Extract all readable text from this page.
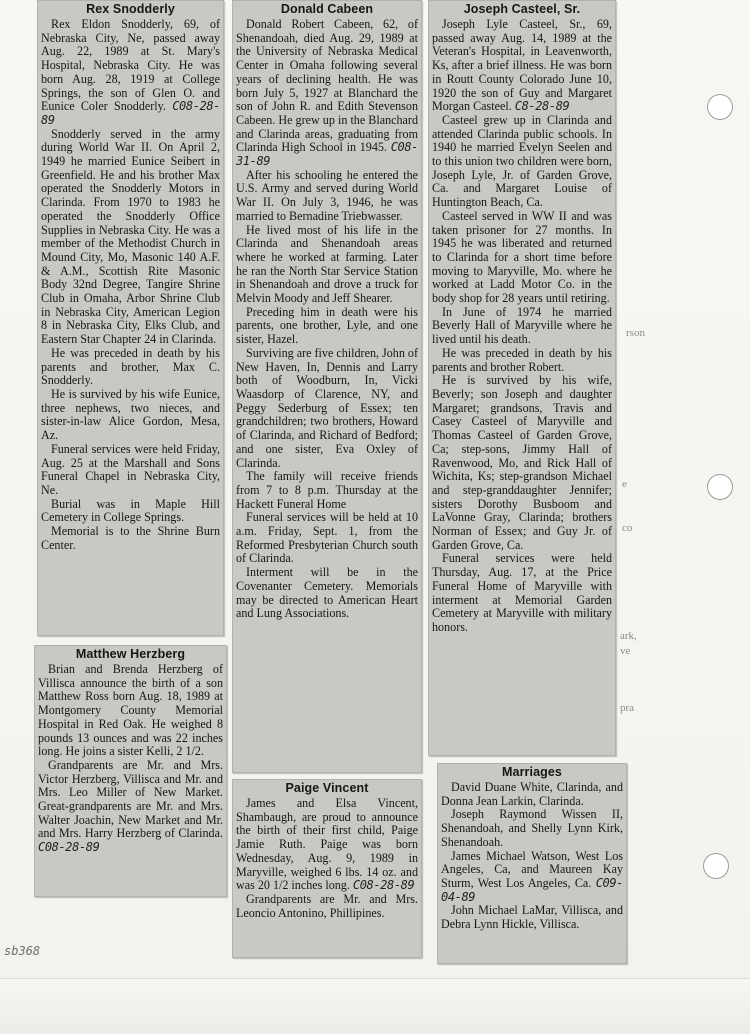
Rex Snodderly

Rex Eldon Snodderly, 69, of Nebraska City, Ne, passed away Aug. 22, 1989 at St. Mary's Hospital, Nebraska City. He was born Aug. 28, 1919 at College Springs, the son of Glen O. and Eunice Coler Snodderly. C08-28-89

Snodderly served in the army during World War II. On April 2, 1949 he married Eunice Seibert in Greenfield. He and his brother Max operated the Snodderly Motors in Clarinda. From 1970 to 1983 he operated the Snodderly Office Supplies in Nebraska City. He was a member of the Methodist Church in Mound City, Mo, Masonic 140 A.F. & A.M., Scottish Rite Masonic Body 32nd Degree, Tangire Shrine Club in Omaha, Arbor Shrine Club in Nebraska City, American Legion 8 in Nebraska City, Elks Club, and Eastern Star Chapter 24 in Clarinda.

He was preceded in death by his parents and brother, Max C. Snodderly.

He is survived by his wife Eunice, three nephews, two nieces, and sister-in-law Alice Gordon, Mesa, Az.

Funeral services were held Friday, Aug. 25 at the Marshall and Sons Funeral Chapel in Nebraska City, Ne.

Burial was in Maple Hill Cemetery in College Springs.

Memorial is to the Shrine Burn Center.

Matthew Herzberg

Brian and Brenda Herzberg of Villisca announce the birth of a son Matthew Ross born Aug. 18, 1989 at Montgomery County Memorial Hospital in Red Oak. He weighed 8 pounds 13 ounces and was 22 inches long. He joins a sister Kelli, 2 1/2.

Grandparents are Mr. and Mrs. Victor Herzberg, Villisca and Mr. and Mrs. Leo Miller of New Market. Great-grandparents are Mr. and Mrs. Walter Joachin, New Market and Mr. and Mrs. Harry Herzberg of Clarinda. C08-28-89

Donald Cabeen

Donald Robert Cabeen, 62, of Shenandoah, died Aug. 29, 1989 at the University of Nebraska Medical Center in Omaha following several years of declining health. He was born July 5, 1927 at Blanchard the son of John R. and Edith Stevenson Cabeen. He grew up in the Blanchard and Clarinda areas, graduating from Clarinda High School in 1945. C08-31-89

After his schooling he entered the U.S. Army and served during World War II. On July 3, 1946, he was married to Bernadine Triebwasser.

He lived most of his life in the Clarinda and Shenandoah areas where he worked at farming. Later he ran the North Star Service Station in Shenandoah and drove a truck for Melvin Moody and Jeff Shearer.

Preceding him in death were his parents, one brother, Lyle, and one sister, Hazel.

Surviving are five children, John of New Haven, In, Dennis and Larry both of Woodburn, In, Vicki Waasdorp of Clarence, NY, and Peggy Sederburg of Essex; ten grandchildren; two brothers, Howard of Clarinda, and Richard of Bedford; and one sister, Eva Oxley of Clarinda.

The family will receive friends from 7 to 8 p.m. Thursday at the Hackett Funeral Home

Funeral services will be held at 10 a.m. Friday, Sept. 1, from the Reformed Presbyterian Church south of Clarinda.

Interment will be in the Covenanter Cemetery. Memorials may be directed to American Heart and Lung Associations.

Paige Vincent

James and Elsa Vincent, Shambaugh, are proud to announce the birth of their first child, Paige Jamie Ruth. Paige was born Wednesday, Aug. 9, 1989 in Maryville, weighed 6 lbs. 14 oz. and was 20 1/2 inches long. C08-28-89

Grandparents are Mr. and Mrs. Leoncio Antonino, Phillipines.

Joseph Casteel, Sr.

Joseph Lyle Casteel, Sr., 69, passed away Aug. 14, 1989 at the Veteran's Hospital, in Leavenworth, Ks, after a brief illness. He was born in Routt County Colorado June 10, 1920 the son of Guy and Margaret Morgan Casteel. C8-28-89

Casteel grew up in Clarinda and attended Clarinda public schools. In 1940 he married Evelyn Seelen and to this union two children were born, Joseph Lyle, Jr. of Garden Grove, Ca. and Margaret Louise of Huntington Beach, Ca.

Casteel served in WW II and was taken prisoner for 27 months. In 1945 he was liberated and returned to Clarinda for a short time before moving to Maryville, Mo. where he worked at Ladd Motor Co. in the body shop for 28 years until retiring.

In June of 1974 he married Beverly Hall of Maryville where he lived until his death.

He was preceded in death by his parents and brother Robert.

He is survived by his wife, Beverly; son Joseph and daughter Margaret; grandsons, Travis and Casey Casteel of Maryville and Thomas Casteel of Garden Grove, Ca; step-sons, Jimmy Hall of Ravenwood, Mo, and Rick Hall of Wichita, Ks; step-grandson Michael and step-granddaughter Jennifer; sisters Dorothy Busboom and LaVonne Gray, Clarinda; brothers Norman of Essex; and Guy Jr. of Garden Grove, Ca.

Funeral services were held Thursday, Aug. 17, at the Price Funeral Home of Maryville with interment at Memorial Garden Cemetery at Maryville with military honors.

Marriages

David Duane White, Clarinda, and Donna Jean Larkin, Clarinda.

Joseph Raymond Wissen II, Shenandoah, and Shelly Lynn Kirk, Shenandoah.

James Michael Watson, West Los Angeles, Ca, and Maureen Kay Sturm, West Los Angeles, Ca. C09-04-89

John Michael LaMar, Villisca, and Debra Lynn Hickle, Villisca.

rson
e
co
ark,
ve
pra
sb368
